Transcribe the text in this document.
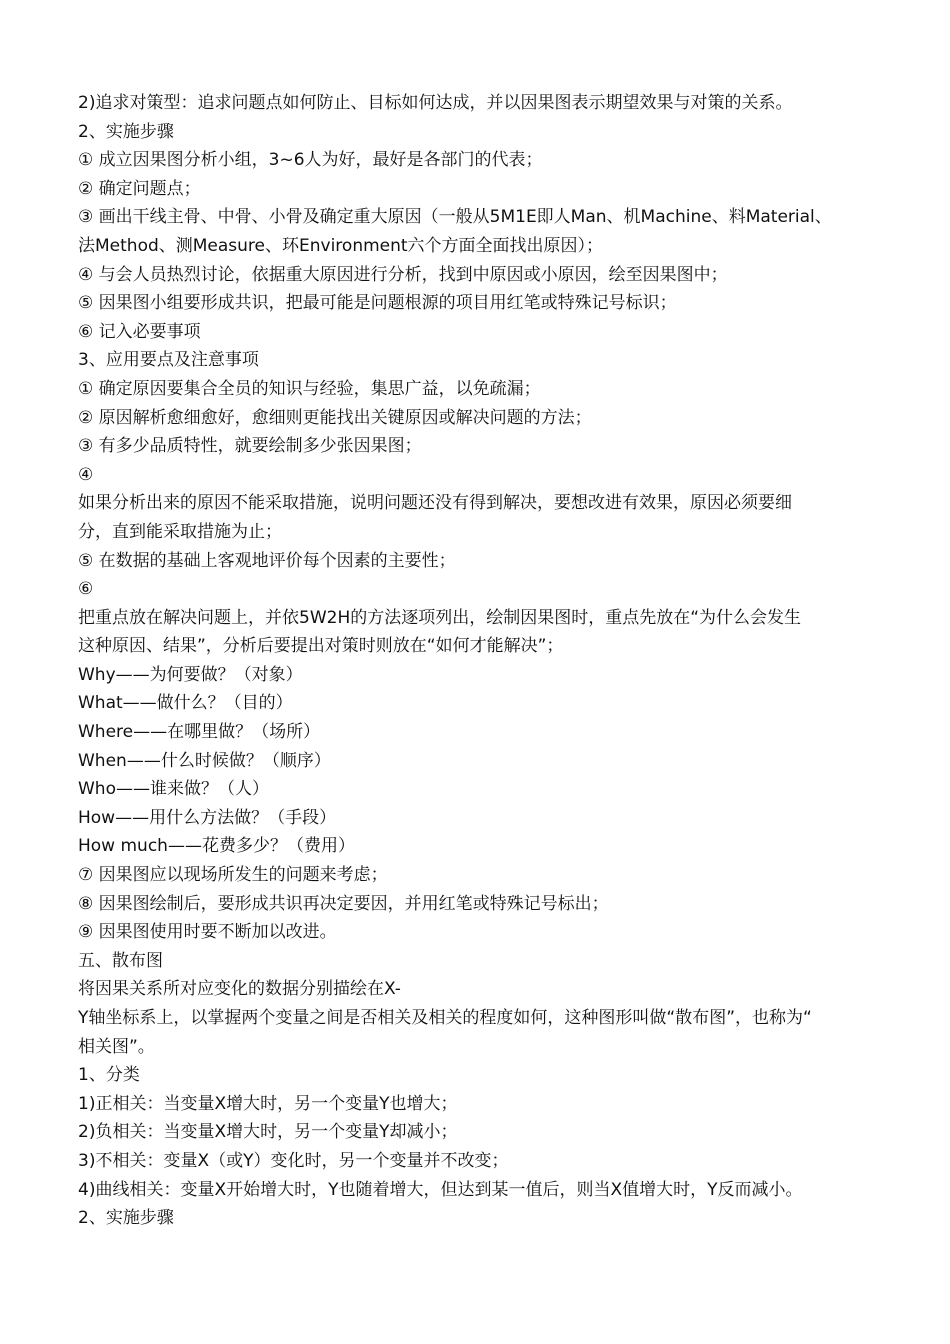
2)追求对策型：追求问题点如何防止、目标如何达成，并以因果图表示期望效果与对策的关系。
2、实施步骤
① 成立因果图分析小组，3~6人为好，最好是各部门的代表；
② 确定问题点；
③ 画出干线主骨、中骨、小骨及确定重大原因（一般从5M1E即人Man、机Machine、料Material、
法Method、测Measure、环Environment六个方面全面找出原因）；
④ 与会人员热烈讨论，依据重大原因进行分析，找到中原因或小原因，绘至因果图中；
⑤ 因果图小组要形成共识，把最可能是问题根源的项目用红笔或特殊记号标识；
⑥ 记入必要事项
3、应用要点及注意事项
① 确定原因要集合全员的知识与经验，集思广益，以免疏漏；
② 原因解析愈细愈好，愈细则更能找出关键原因或解决问题的方法；
③ 有多少品质特性，就要绘制多少张因果图；
④
如果分析出来的原因不能采取措施，说明问题还没有得到解决，要想改进有效果，原因必须要细
分，直到能采取措施为止；
⑤ 在数据的基础上客观地评价每个因素的主要性；
⑥
把重点放在解决问题上，并依5W2H的方法逐项列出，绘制因果图时，重点先放在“为什么会发生
这种原因、结果”，分析后要提出对策时则放在“如何才能解决”；
Why——为何要做？（对象）
What——做什么？（目的）
Where——在哪里做？（场所）
When——什么时候做？（顺序）
Who——谁来做？（人）
How——用什么方法做？（手段）
How much——花费多少？（费用）
⑦ 因果图应以现场所发生的问题来考虑；
⑧ 因果图绘制后，要形成共识再决定要因，并用红笔或特殊记号标出；
⑨ 因果图使用时要不断加以改进。
五、散布图
将因果关系所对应变化的数据分别描绘在X-
Y轴坐标系上，以掌握两个变量之间是否相关及相关的程度如何，这种图形叫做“散布图”，也称为“
相关图”。
1、分类
1)正相关：当变量X增大时，另一个变量Y也增大；
2)负相关：当变量X增大时，另一个变量Y却减小；
3)不相关：变量X（或Y）变化时，另一个变量并不改变；
4)曲线相关：变量X开始增大时，Y也随着增大，但达到某一值后，则当X值增大时，Y反而减小。
2、实施步骤
